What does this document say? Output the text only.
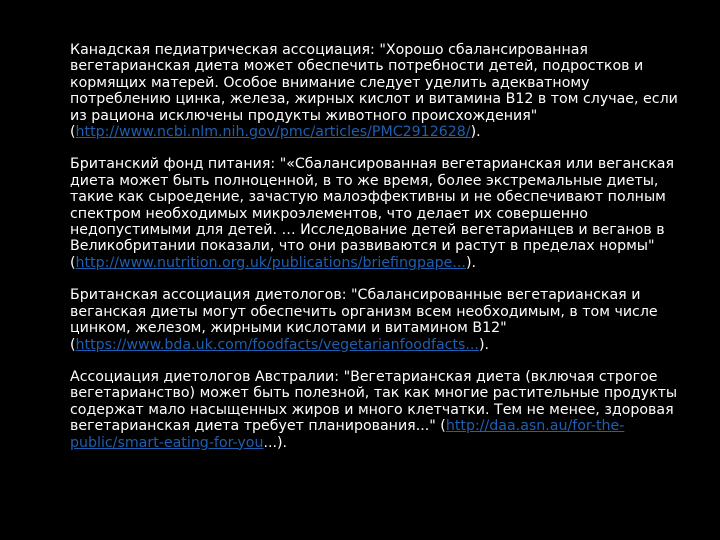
Канадская педиатрическая ассоциация: "Хорошо сбалансированная вегетарианская диета может обеспечить потребности детей, подростков и кормящих матерей. Особое внимание следует уделить адекватному потреблению цинка, железа, жирных кислот и витамина В12 в том случае, если из рациона исключены продукты животного происхождения" (http://www.ncbi.nlm.nih.gov/pmc/articles/PMC2912628/).

Британский фонд питания: "«Сбалансированная вегетарианская или веганская диета может быть полноценной, в то же время, более экстремальные диеты, такие как сыроедение, зачастую малоэффективны и не обеспечивают полным спектром необходимых микроэлементов, что делает их совершенно недопустимыми для детей. … Исследование детей вегетарианцев и веганов в Великобритании показали, что они развиваются и растут в пределах нормы" (http://www.nutrition.org.uk/publications/briefingpape...).

Британская ассоциация диетологов: "Сбалансированные вегетарианская и веганская диеты могут обеспечить организм всем необходимым, в том числе цинком, железом, жирными кислотами и витамином В12" (https://www.bda.uk.com/foodfacts/vegetarianfoodfacts...).

Ассоциация диетологов Австралии: "Вегетарианская диета (включая строгое вегетарианство) может быть полезной, так как многие растительные продукты содержат мало насыщенных жиров и много клетчатки. Тем не менее, здоровая вегетарианская диета требует планирования..." (http://daa.asn.au/for-the-public/smart-eating-for-you...).
